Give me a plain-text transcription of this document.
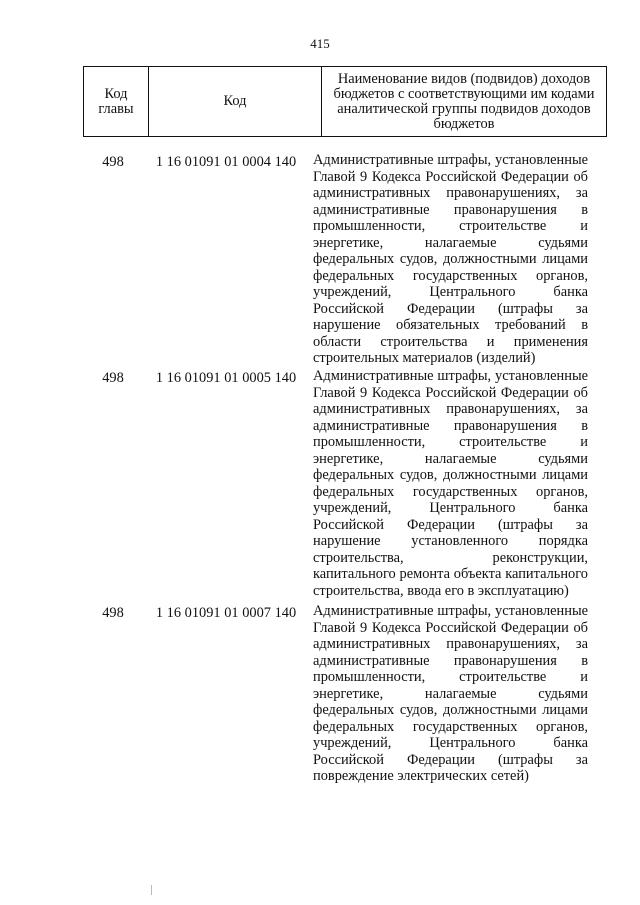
415
Код главы	Код	Наименование видов (подвидов) доходов бюджетов с соответствующими им кодами аналитической группы подвидов доходов бюджетов
498	1 16 01091 01 0004 140	Административные штрафы, установленные Главой 9 Кодекса Российской Федерации об административных правонарушениях, за административные правонарушения в промышленности, строительстве и энергетике, налагаемые судьями федеральных судов, должностными лицами федеральных государственных органов, учреждений, Центрального банка Российской Федерации (штрафы за нарушение обязательных требований в области строительства и применения строительных материалов (изделий)
498	1 16 01091 01 0005 140	Административные штрафы, установленные Главой 9 Кодекса Российской Федерации об административных правонарушениях, за административные правонарушения в промышленности, строительстве и энергетике, налагаемые судьями федеральных судов, должностными лицами федеральных государственных органов, учреждений, Центрального банка Российской Федерации (штрафы за нарушение установленного порядка строительства, реконструкции, капитального ремонта объекта капитального строительства, ввода его в эксплуатацию)
498	1 16 01091 01 0007 140	Административные штрафы, установленные Главой 9 Кодекса Российской Федерации об административных правонарушениях, за административные правонарушения в промышленности, строительстве и энергетике, налагаемые судьями федеральных судов, должностными лицами федеральных государственных органов, учреждений, Центрального банка Российской Федерации (штрафы за повреждение электрических сетей)
